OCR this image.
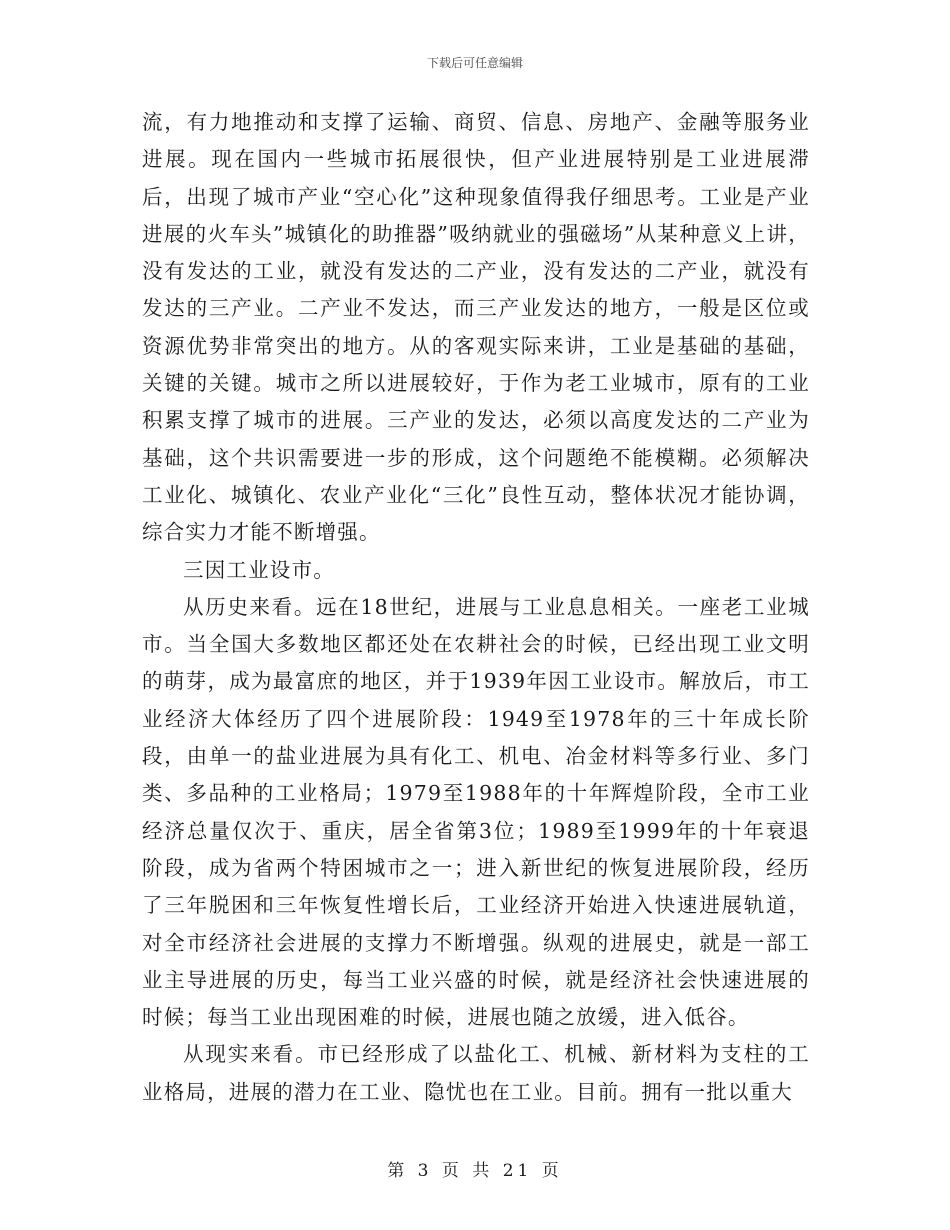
下载后可任意编辑

流，有力地推动和支撑了运输、商贸、信息、房地产、金融等服务业进展。现在国内一些城市拓展很快，但产业进展特别是工业进展滞后，出现了城市产业“空心化”这种现象值得我仔细思考。工业是产业进展的火车头”城镇化的助推器”吸纳就业的强磁场”从某种意义上讲，没有发达的工业，就没有发达的二产业，没有发达的二产业，就没有发达的三产业。二产业不发达，而三产业发达的地方，一般是区位或资源优势非常突出的地方。从的客观实际来讲，工业是基础的基础，关键的关键。城市之所以进展较好，于作为老工业城市，原有的工业积累支撑了城市的进展。三产业的发达，必须以高度发达的二产业为基础，这个共识需要进一步的形成，这个问题绝不能模糊。必须解决工业化、城镇化、农业产业化“三化”良性互动，整体状况才能协调，综合实力才能不断增强。

三因工业设市。

从历史来看。远在18世纪，进展与工业息息相关。一座老工业城市。当全国大多数地区都还处在农耕社会的时候，已经出现工业文明的萌芽，成为最富庶的地区，并于1939年因工业设市。解放后，市工业经济大体经历了四个进展阶段：1949至1978年的三十年成长阶段，由单一的盐业进展为具有化工、机电、冶金材料等多行业、多门类、多品种的工业格局；1979至1988年的十年辉煌阶段，全市工业经济总量仅次于、重庆，居全省第3位；1989至1999年的十年衰退阶段，成为省两个特困城市之一；进入新世纪的恢复进展阶段，经历了三年脱困和三年恢复性增长后，工业经济开始进入快速进展轨道，对全市经济社会进展的支撑力不断增强。纵观的进展史，就是一部工业主导进展的历史，每当工业兴盛的时候，就是经济社会快速进展的时候；每当工业出现困难的时候，进展也随之放缓，进入低谷。

从现实来看。市已经形成了以盐化工、机械、新材料为支柱的工业格局，进展的潜力在工业、隐忧也在工业。目前。拥有一批以重大

第 3 页 共 21 页
